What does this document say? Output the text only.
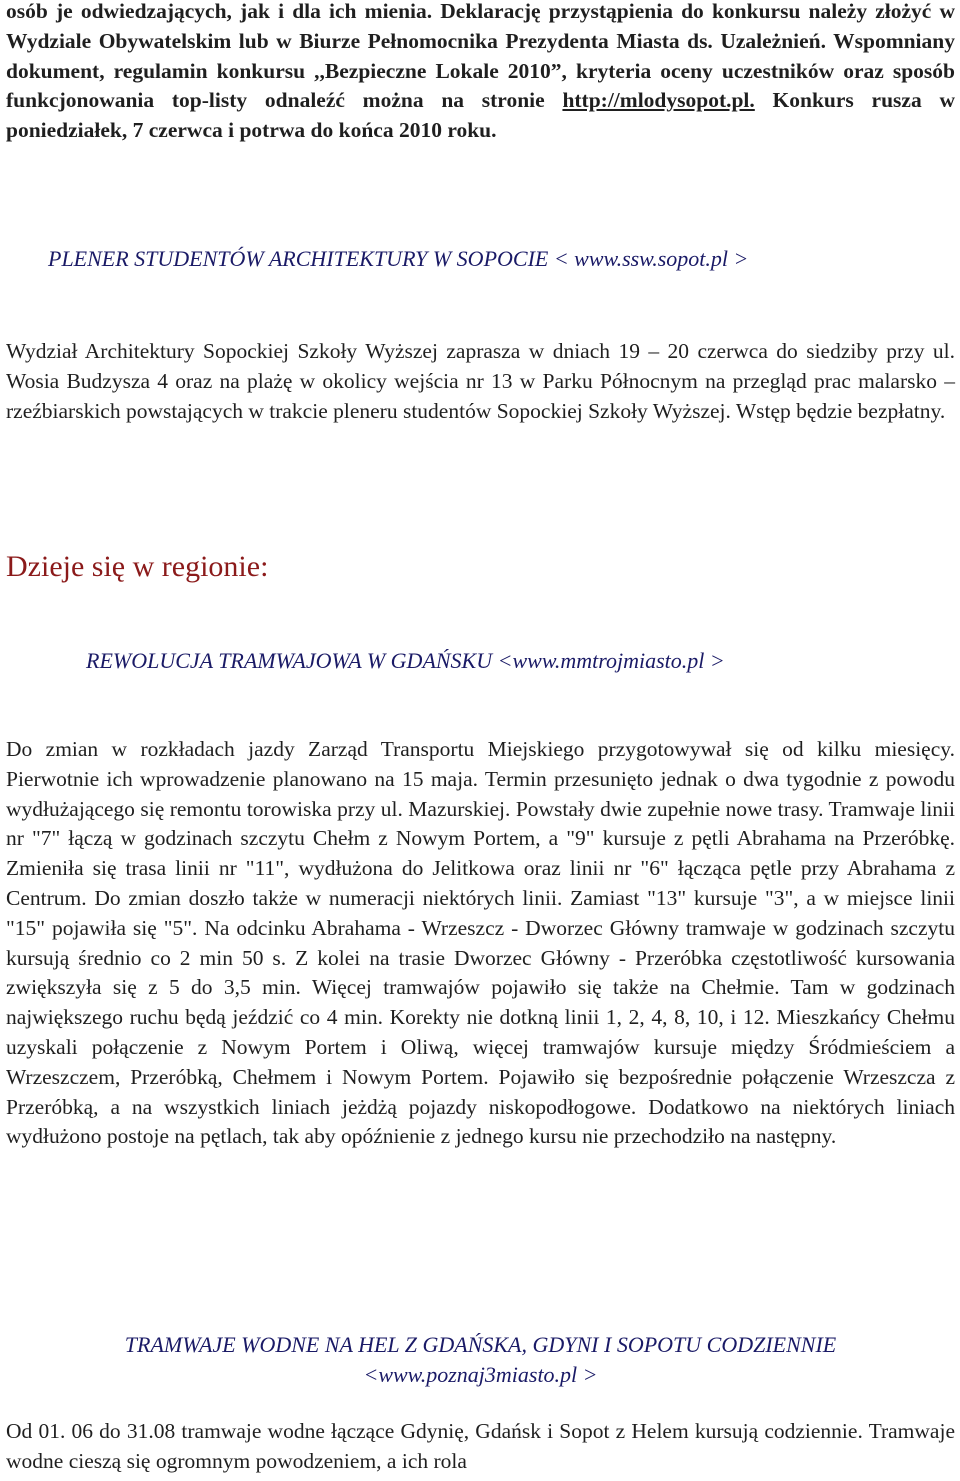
osób je odwiedzających, jak i dla ich mienia. Deklarację przystąpienia do konkursu należy złożyć w Wydziale Obywatelskim lub w Biurze Pełnomocnika Prezydenta Miasta ds. Uzależnień. Wspomniany dokument, regulamin konkursu ,,Bezpieczne Lokale 2010”, kryteria oceny uczestników oraz sposób funkcjonowania top-listy odnaleźć można na stronie http://mlodysopot.pl. Konkurs rusza w poniedziałek, 7 czerwca i potrwa do końca 2010 roku.

PLENER STUDENTÓW ARCHITEKTURY W SOPOCIE < www.ssw.sopot.pl >

Wydział Architektury Sopockiej Szkoły Wyższej zaprasza w dniach 19 – 20 czerwca do siedziby przy ul. Wosia Budzysza 4 oraz na plażę w okolicy wejścia nr 13 w Parku Północnym na przegląd prac malarsko – rzeźbiarskich powstających w trakcie pleneru studentów Sopockiej Szkoły Wyższej. Wstęp będzie bezpłatny.

Dzieje się w regionie:
REWOLUCJA TRAMWAJOWA W GDAŃSKU <www.mmtrojmiasto.pl >

Do zmian w rozkładach jazdy Zarząd Transportu Miejskiego przygotowywał się od kilku miesięcy. Pierwotnie ich wprowadzenie planowano na 15 maja. Termin przesunięto jednak o dwa tygodnie z powodu wydłużającego się remontu torowiska przy ul. Mazurskiej. Powstały dwie zupełnie nowe trasy. Tramwaje linii nr "7" łączą w godzinach szczytu Chełm z Nowym Portem, a "9" kursuje z pętli Abrahama na Przeróbkę. Zmieniła się trasa linii nr "11", wydłużona do Jelitkowa oraz linii nr "6" łącząca pętle przy Abrahama z Centrum. Do zmian doszło także w numeracji niektórych linii. Zamiast "13" kursuje "3", a w miejsce linii "15" pojawiła się "5". Na odcinku Abrahama - Wrzeszcz - Dworzec Główny tramwaje w godzinach szczytu kursują średnio co 2 min 50 s. Z kolei na trasie Dworzec Główny - Przeróbka częstotliwość kursowania zwiększyła się z 5 do 3,5 min. Więcej tramwajów pojawiło się także na Chełmie. Tam w godzinach największego ruchu będą jeździć co 4 min. Korekty nie dotkną linii 1, 2, 4, 8, 10, i 12. Mieszkańcy Chełmu uzyskali połączenie z Nowym Portem i Oliwą, więcej tramwajów kursuje między Śródmieściem a Wrzeszczem, Przeróbką, Chełmem i Nowym Portem. Pojawiło się bezpośrednie połączenie Wrzeszcza z Przeróbką, a na wszystkich liniach jeżdżą pojazdy niskopodłogowe. Dodatkowo na niektórych liniach wydłużono postoje na pętlach, tak aby opóźnienie z jednego kursu nie przechodziło na następny.

TRAMWAJE WODNE NA HEL Z GDAŃSKA, GDYNI I SOPOTU CODZIENNIE
<www.poznaj3miasto.pl >

Od 01. 06 do 31.08 tramwaje wodne łączące Gdynię, Gdańsk i Sopot z Helem kursują codziennie. Tramwaje wodne cieszą się ogromnym powodzeniem, a ich rola
